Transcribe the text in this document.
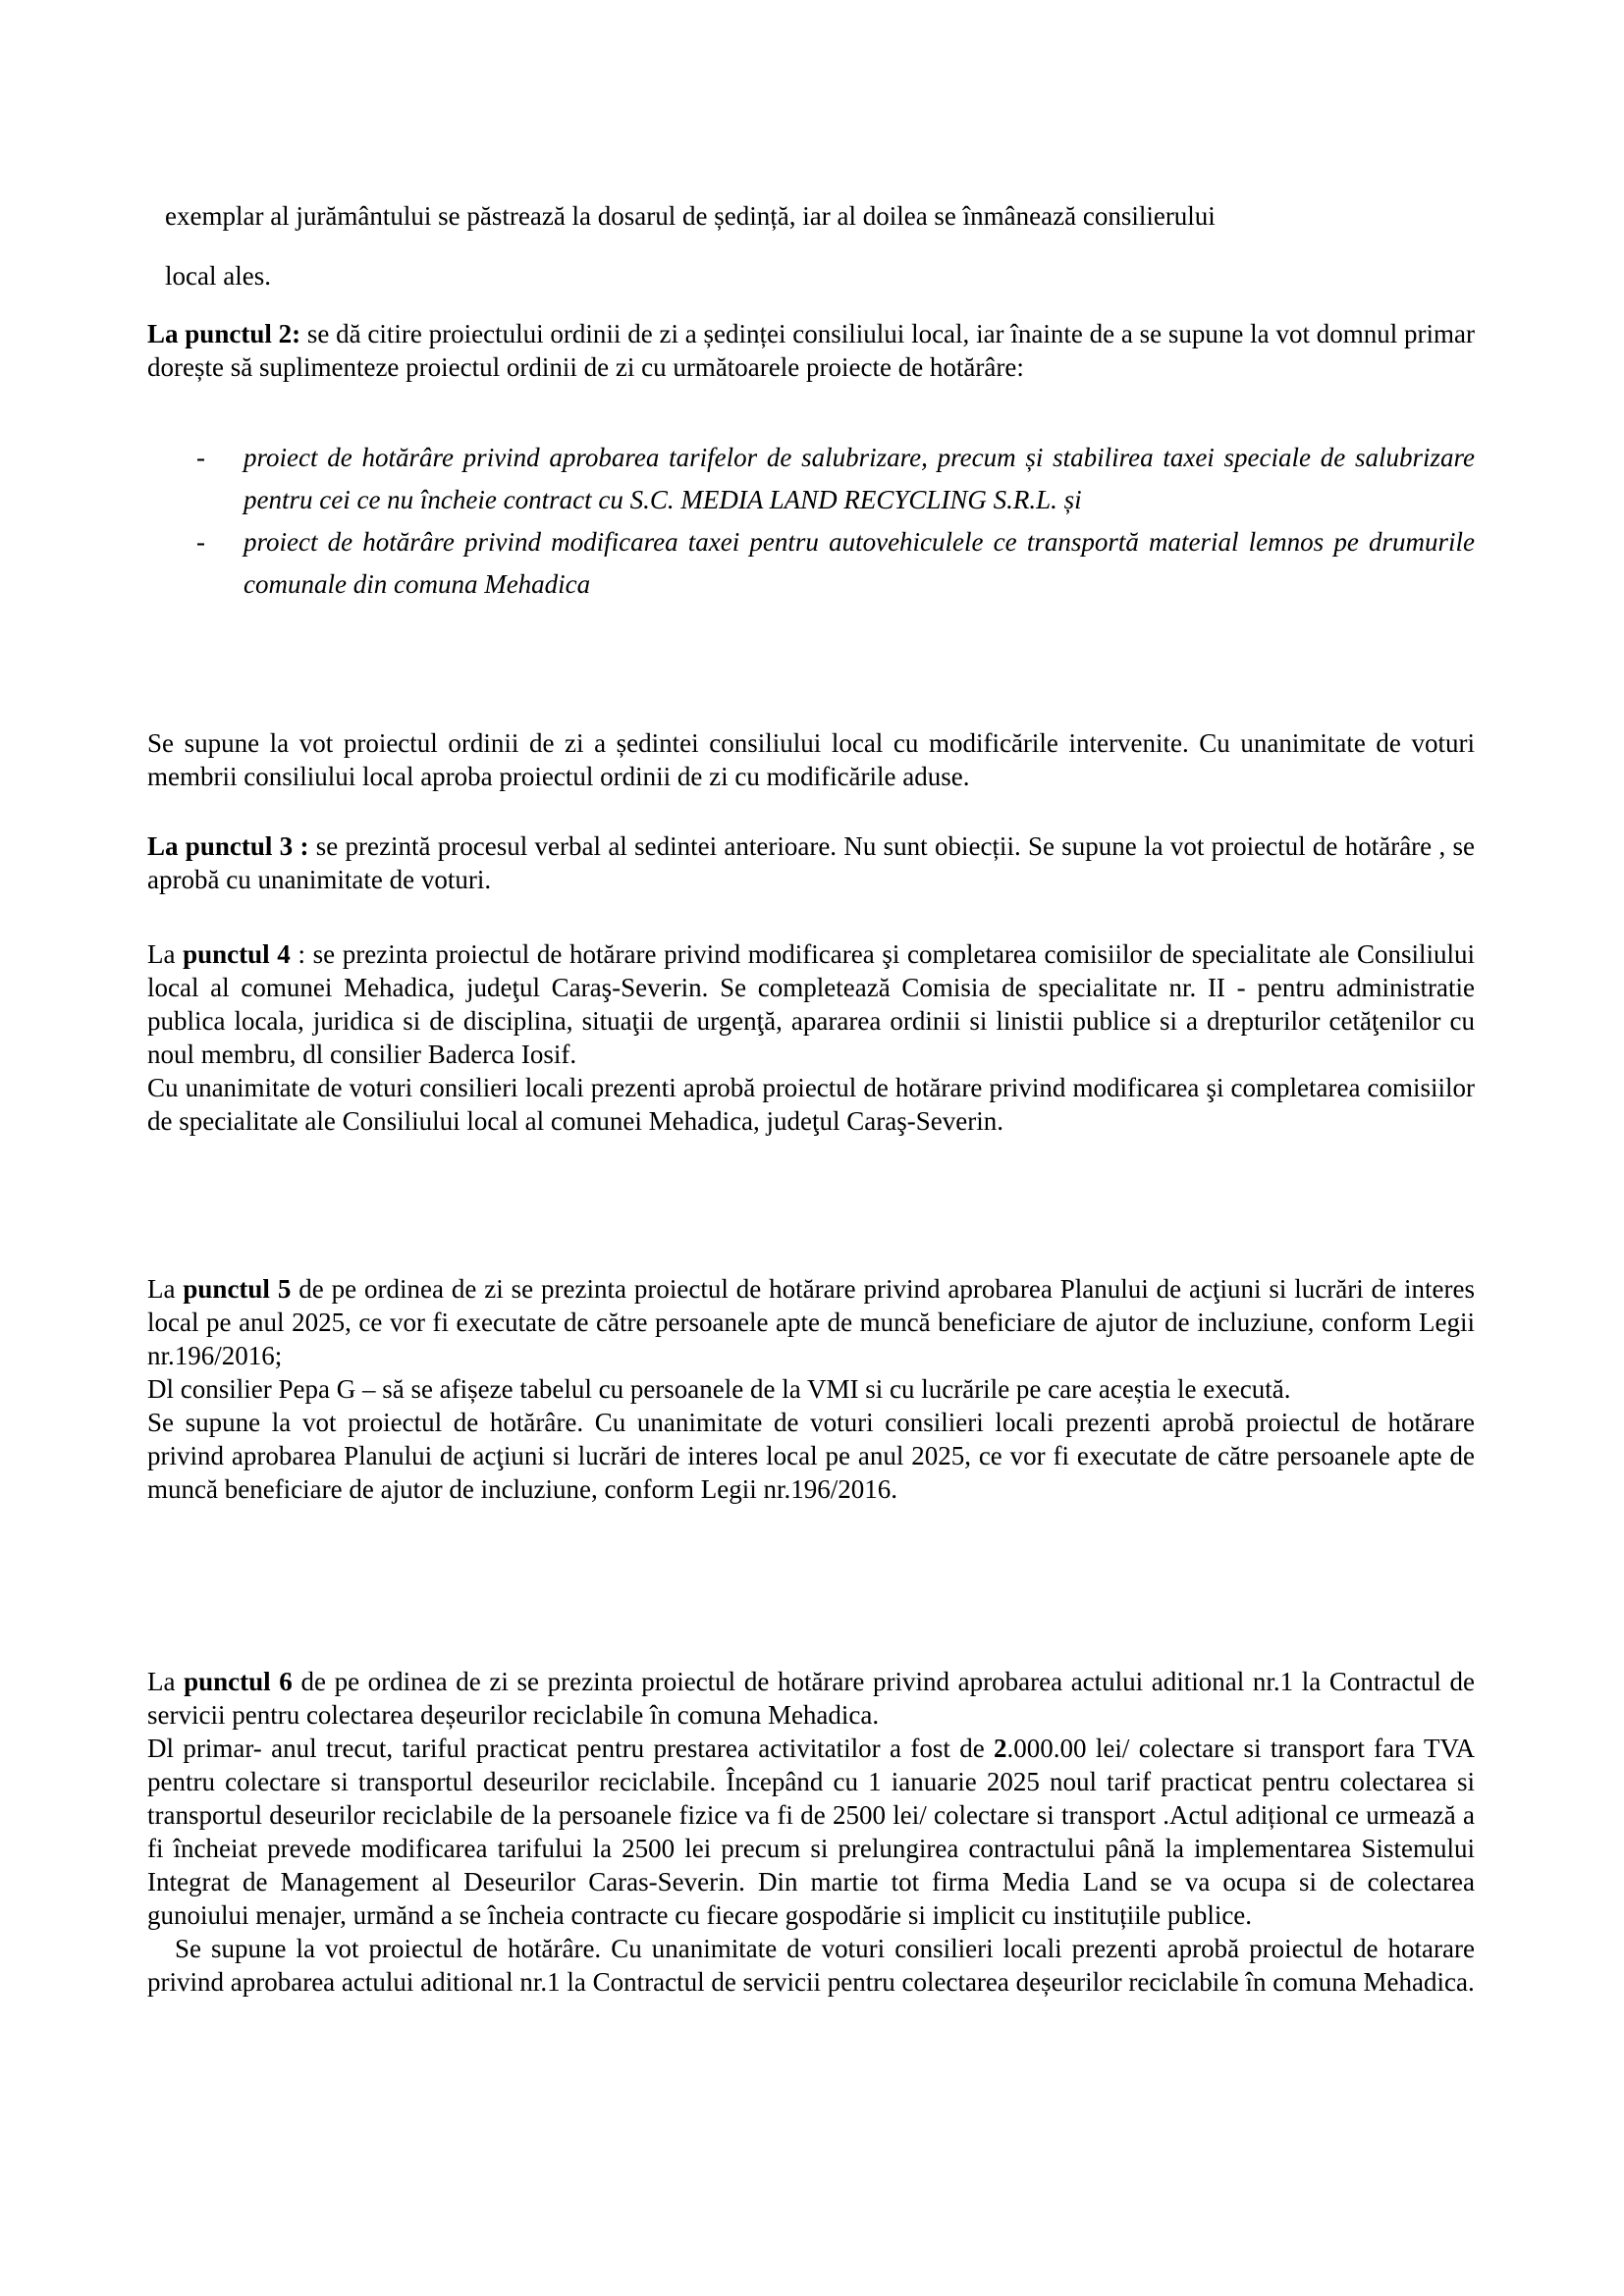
exemplar al jurământului se păstrează la dosarul de ședință, iar al doilea se înmânează consilierului
local ales.

La punctul 2: se dă citire proiectului ordinii de zi a ședinței consiliului local, iar înainte de a se supune la vot domnul primar dorește să suplimenteze proiectul ordinii de zi cu următoarele proiecte de hotărâre:

- proiect de hotărâre privind aprobarea tarifelor de salubrizare, precum și stabilirea taxei speciale de salubrizare pentru cei ce nu încheie contract cu S.C. MEDIA LAND RECYCLING S.R.L. și
- proiect de hotărâre privind modificarea taxei pentru autovehiculele ce transportă material lemnos pe drumurile comunale din comuna Mehadica

Se supune la vot proiectul ordinii de zi a ședintei consiliului local cu modificările intervenite. Cu unanimitate de voturi membrii consiliului local aproba proiectul ordinii de zi cu modificările aduse.

La punctul 3 : se prezintă procesul verbal al sedintei anterioare. Nu sunt obiecții. Se supune la vot proiectul de hotărâre , se aprobă cu unanimitate de voturi.

La punctul 4 : se prezinta proiectul de hotărare privind modificarea şi completarea comisiilor de specialitate ale Consiliului local al comunei Mehadica, judeţul Caraş-Severin. Se completează Comisia de specialitate nr. II - pentru administratie publica locala, juridica si de disciplina, situaţii de urgenţă, apararea ordinii si linistii publice si a drepturilor cetăţenilor cu noul membru, dl consilier Baderca Iosif.
Cu unanimitate de voturi consilieri locali prezenti aprobă proiectul de hotărare privind modificarea şi completarea comisiilor de specialitate ale Consiliului local al comunei Mehadica, judeţul Caraş-Severin.

La punctul 5 de pe ordinea de zi se prezinta proiectul de hotărare privind aprobarea Planului de acţiuni si lucrări de interes local pe anul 2025, ce vor fi executate de către persoanele apte de muncă beneficiare de ajutor de incluziune, conform Legii nr.196/2016;
Dl consilier Pepa G – să se afișeze tabelul cu persoanele de la VMI si cu lucrările pe care aceștia le execută.
Se supune la vot proiectul de hotărâre. Cu unanimitate de voturi consilieri locali prezenti aprobă proiectul de hotărare privind aprobarea Planului de acţiuni si lucrări de interes local pe anul 2025, ce vor fi executate de către persoanele apte de muncă beneficiare de ajutor de incluziune, conform Legii nr.196/2016.

La punctul 6 de pe ordinea de zi se prezinta proiectul de hotărare privind aprobarea actului aditional nr.1 la Contractul de servicii pentru colectarea deșeurilor reciclabile în comuna Mehadica.
Dl primar- anul trecut, tariful practicat pentru prestarea activitatilor a fost de 2.000.00 lei/ colectare si transport fara TVA pentru colectare si transportul deseurilor reciclabile. Începând cu 1 ianuarie 2025 noul tarif practicat pentru colectarea si transportul deseurilor reciclabile de la persoanele fizice va fi de 2500 lei/ colectare si transport .Actul adițional ce urmează a fi încheiat prevede modificarea tarifului la 2500 lei precum si prelungirea contractului până la implementarea Sistemului Integrat de Management al Deseurilor Caras-Severin. Din martie tot firma Media Land se va ocupa si de colectarea gunoiului menajer, urmănd a se încheia contracte cu fiecare gospodărie si implicit cu instituțiile publice.
Se supune la vot proiectul de hotărâre. Cu unanimitate de voturi consilieri locali prezenti aprobă proiectul de hotarare privind aprobarea actului aditional nr.1 la Contractul de servicii pentru colectarea deșeurilor reciclabile în comuna Mehadica.
